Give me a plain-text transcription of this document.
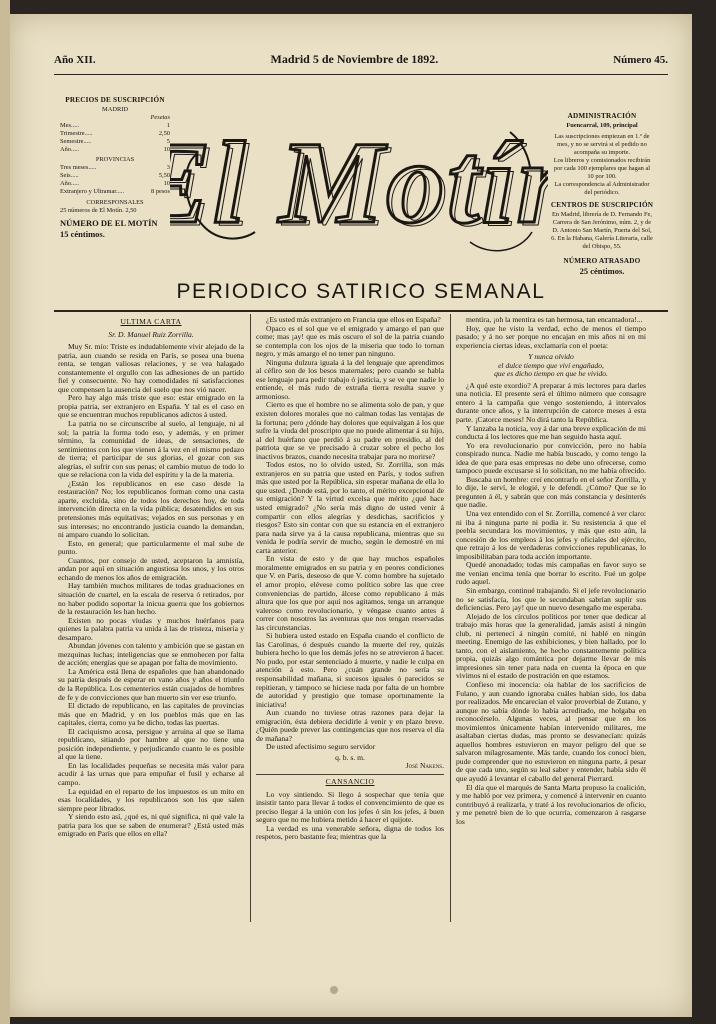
Año XII.	Madrid 5 de Noviembre de 1892.	Número 45.
PRECIOS DE SUSCRIPCIÓN
MADRID
Pesetas
Mes.....	1
Trimestre.....	2,50
Semestre.....	5
Año.....	10
PROVINCIAS
Tres meses.....	3
Seis.....	5,50
Año.....	10
Extranjero y Ultramar.....	8 pesos
CORRESPONSALES
25 números de El Motín. 2,50
NÚMERO DE EL MOTÍN
15 céntimos. l Motí
l Motí
ADMINISTRACIÓN
Fuencarral, 109, principal
Las suscripciones empiezan en 1.º de mes, y no se servirá si el pedido no acompaña su importe.
Los libreros y comisionados recibirán por cada 100 ejemplares que hagan al 10 por 100.
La correspondencia al Administrador del periódico.
CENTROS DE SUSCRIPCIÓN
En Madrid, librería de D. Fernando Fe, Carrera de San Jerónimo, núm. 2, y de D. Antonio San Martín, Puerta del Sol, 6. En la Habana, Galería Literaria, calle del Obispo, 55.
NÚMERO ATRASADO
25 céntimos.
PERIODICO SATIRICO SEMANAL
ULTIMA CARTA
Sr. D. Manuel Ruiz Zorrilla.

Muy Sr. mío: Triste es indudablemente vivir alejado de la patria, aun cuando se resida en París, se posea una buena renta, se tengan valiosas relaciones, y se vea halagado constantemente el orgullo con las adhesiones de un partido fiel y consecuente. No hay comodidades ni satisfacciones que compensen la ausencia del suelo que nos vió nacer.

Pero hay algo más triste que eso: estar emigrado en la propia patria, ser extranjero en España. Y tal es el caso en que se encuentran muchos republicanos adictos á usted.

La patria no se circunscribe al suelo, al lenguaje, ni al sol; la patria la forma todo eso, y además, y en primer término, la comunidad de ideas, de sensaciones, de sentimientos con los que vienen á la vez en el mismo pedazo de tierra; el participar de sus glorias, el gozar con sus alegrías, el sufrir con sus penas; el cambio mutuo de todo lo que se relaciona con la vida del espíritu y la de la materia.

¿Están los republicanos en ese caso desde la restauración? No; los republicanos forman como una casta aparte, excluída, sino de todos los derechos hoy, de toda intervención directa en la vida pública; desatendidos en sus pretensiones más equitativas; vejados en sus personas y en sus intereses; no encontrando justicia cuando la demandan, ni amparo cuando lo solicitan.

Esto, en general; que particularmente el mal sube de punto.

Cuantos, por consejo de usted, aceptaron la amnistía, andan por aquí en situación angustiosa los unos, y los otros echando de menos los años de emigración.

Hay también muchos militares de todas graduaciones en situación de cuartel, en la escala de reserva ó retirados, por no haber podido soportar la inicua guerra que los gobiernos de la restauración les han hecho.

Existen no pocas viudas y muchos huérfanos para quienes la palabra patria va unida á las de tristeza, miseria y desamparo.

Abundan jóvenes con talento y ambición que se gastan en mezquinas luchas; inteligencias que se enmohecen por falta de acción; energías que se apagan por falta de movimiento.

La América está llena de españoles que han abandonado su patria después de esperar en vano años y años el triunfo de la República. Los cementerios están cuajados de hombres de fe y de convicciones que han muerto sin ver ese triunfo.

El dictado de republicano, en las capitales de provincias más que en Madrid, y en los pueblos más que en las capitales, cierra, como ya he dicho, todas las puertas.

El caciquismo acosa, persigue y arruina al que se llama republicano, sitiando por hambre al que no tiene una posición independiente, y perjudicando cuanto le es posible al que la tiene.

En las localidades pequeñas se necesita más valor para acudir á las urnas que para empuñar el fusil y echarse al campo.

La equidad en el reparto de los impuestos es un mito en esas localidades, y los republicanos son los que salen siempre peor librados.

Y siendo esto así, ¿qué es, ni qué significa, ni qué vale la patria para los que se saben de enumerar? ¿Está usted más emigrado en París que ellos en ella?

¿Es usted más extranjero en Francia que ellos en España?

Opaco es el sol que ve el emigrado y amargo el pan que come; mas ¡ay! que es más oscuro el sol de la patria cuando se contempla con los ojos de la miseria que todo lo tornan negro, y más amargo el no tener pan ninguno.

Ninguna dulzura iguala á la del lenguaje que aprendimos al céfiro son de los besos maternales; pero cuando se habla ese lenguaje para pedir trabajo ó justicia, y se ve que nadie lo entiende, el más rudo de extraña tierra resulta suave y armonioso.

Cierto es que el hombre no se alimenta solo de pan, y que existen dolores morales que no calman todas las ventajas de la fortuna; pero ¿dónde hay dolores que equivalgan á los que sufre la viuda del proscripto que no puede alimentar á su hijo, al del huérfano que perdió á su padre en presidio, al del patriota que se ve precisado á cruzar sobre el pecho los inactivos brazos, cuando necesita trabajar para no morirse?

Todos estos, no lo olvido usted, Sr. Zorrilla, son más extranjeros en su patria que usted en París, y todos sufren más que usted por la República, sin esperar mañana de ella lo que usted. ¿Donde está, por lo tanto, el mérito excepcional de su emigración? Y la virtud excelsa que mérito ¿qué hace usted emigrado? ¿No sería más digno de usted venir á compartir con ellos alegrías y desdichas, sacrificios y riesgos? Esto sin contar con que su estancia en el extranjero para nada sirve ya á la causa republicana, mientras que su venida le podría servir de mucho, según le demostré en mi carta anterior.

En vista de esto y de que hay muchos españoles moralmente emigrados en su patria y en peores condiciones que V. en París, deseoso de que V. como hombre ha sujetado el amor propio, elévese como político sobre las que cree conveniencias de partido, álcese como republicano á más altura que los que por aquí nos agitamos, tenga un arranque valeroso como revolucionario, y véngase cuanto antes á correr con nosotros las aventuras que nos tengan reservadas las circunstancias.

Si hubiera usted estado en España cuando el conflicto de las Carolinas, ó después cuando la muerte del rey, quizás hubiera hecho lo que los demás jefes no se atrevieron á hacer. No pudo, por estar sentenciado á muerte, y nadie le culpa en atención á esto. Pero ¿cuán grande no sería su responsabilidad mañana, si sucesos iguales ó parecidos se repitieran, y tampoco se hiciese nada por falta de un hombre de autoridad y prestigio que tomase oportunamente la iniciativa!

Aun cuando no tuviese otras razones para dejar la emigración, ésta debiera decidirle á venir y en plazo breve. ¿Quién puede prever las contingencias que nos reserva el día de mañana?

De usted afectísimo seguro servidor

q. b. s. m.
José Nakens.
CANSANCIO

Lo voy sintiendo. Si llego á sospechar que tenía que insistir tanto para llevar á todos el convencimiento de que es preciso llegar á la unión con los jefes ó sin los jefes, á buen seguro que no me hubiera metido á hacer el quijote.

La verdad es una venerable señora, digna de todos los respetos, pero bastante fea; mientras que la

mentira, ¡oh la mentira es tan hermosa, tan encantadora!...

Hoy, que he visto la verdad, echo de menos el tiempo pasado; y á no ser porque no encajan en mis años ni en mi experiencia ciertas ideas, exclamaría con el poeta:

Y nunca olvido
el dulce tiempo que viví engañado,
que es dicho tiempo en que he vivido.

¿A qué este exordio? A preparar á mis lectores para darles una noticia. El presente será el último número que consagre entero á la campaña que vengo sosteniendo, á intervalos durante once años, y la interrupción de catorce meses á esta parte. ¡Catorce meses! No dirá tanto la República.

Y lanzaba la noticia, voy á dar una breve explicación de mi conducta á los lectores que me han seguido hasta aquí.

Yo era revolucionario por convicción, pero no había conspirado nunca. Nadie me había buscado, y como tengo la idea de que para esas empresas no debe uno ofrecerse, como tampoco puede excusarse si lo solicitan, no me había ofrecido.

Buscaba un hombre: creí encontrarlo en el señor Zorrilla, y lo dije, le serví, le elogié, y le defendí. ¿Cómo? Que se lo pregunten á él, y sabrán que con más constancia y desinterés que nadie.

Una vez entendido con el Sr. Zorrilla, comencé á ver claro: ni iba á ninguna parte ni podía ir. Su resistencia á que el peebla secundara los movimientos, y más que esto aún, la concesión de los empleos á los jefes y oficiales del ejército, que retrajo á los de verdaderas convicciones republicanas, lo imposibilitaban para toda acción importante.

Quedé anonadado; todas mis campañas en favor suyo se me venían encima tenía que borrar lo escrito. Fué un golpe rudo aquel.

Sin embargo, continué trabajando. Si el jefe revolucionario no se satisfacía, los que le secundaban sabrían suplir sus deficiencias. Pero ¡ay! que un nuevo desengaño me esperaba.

Alejado de los círculos políticos por tener que dedicar al trabajo más horas que la generalidad, jamás asistí á ningún club, ni pertenecí á ningún comité, ni hablé en ningún meeting. Enemigo de las exhibiciones, y bien hallado, por lo tanto, con el aislamiento, he hecho constantemente política propia, quizás algo romántica por dejarme llevar de mis impresiones sin tener para nada en cuenta la época en que vivimos ni el estado de postración en que estamos.

Confieso mi inocencia: oía hablar de los sacrificios de Fulano, y aun cuando ignoraba cuáles habían sido, los daba por realizados. Me encarecían el valor proverbial de Zutano, y aunque no sabía dónde lo había acreditado, me holgaba en reconocérselo. Algunas veces, al pensar que en los movimientos únicamente habían intervenido militares, me asaltaban ciertas dudas, mas pronto se desvanecían: quizás aquellos hombres estuvieron en mayor peligro del que se salvaron milagrosamente. Más tarde, cuando los conocí bien, pude comprender que no estuvieron en ninguna parte, á pesar de que cada uno, según su leal saber y entender, había sido él que ayudó á levantar el caballo del general Pierrard.

El día que el marqués de Santa Marta propuso la coalición, y me habló por vez primera, y comencé á intervenir en cuanto contribuyó á realizarla, y traté á los revolucionarios de oficio, y me penetré bien de lo que ocurría, comenzaron á rasgarse los
